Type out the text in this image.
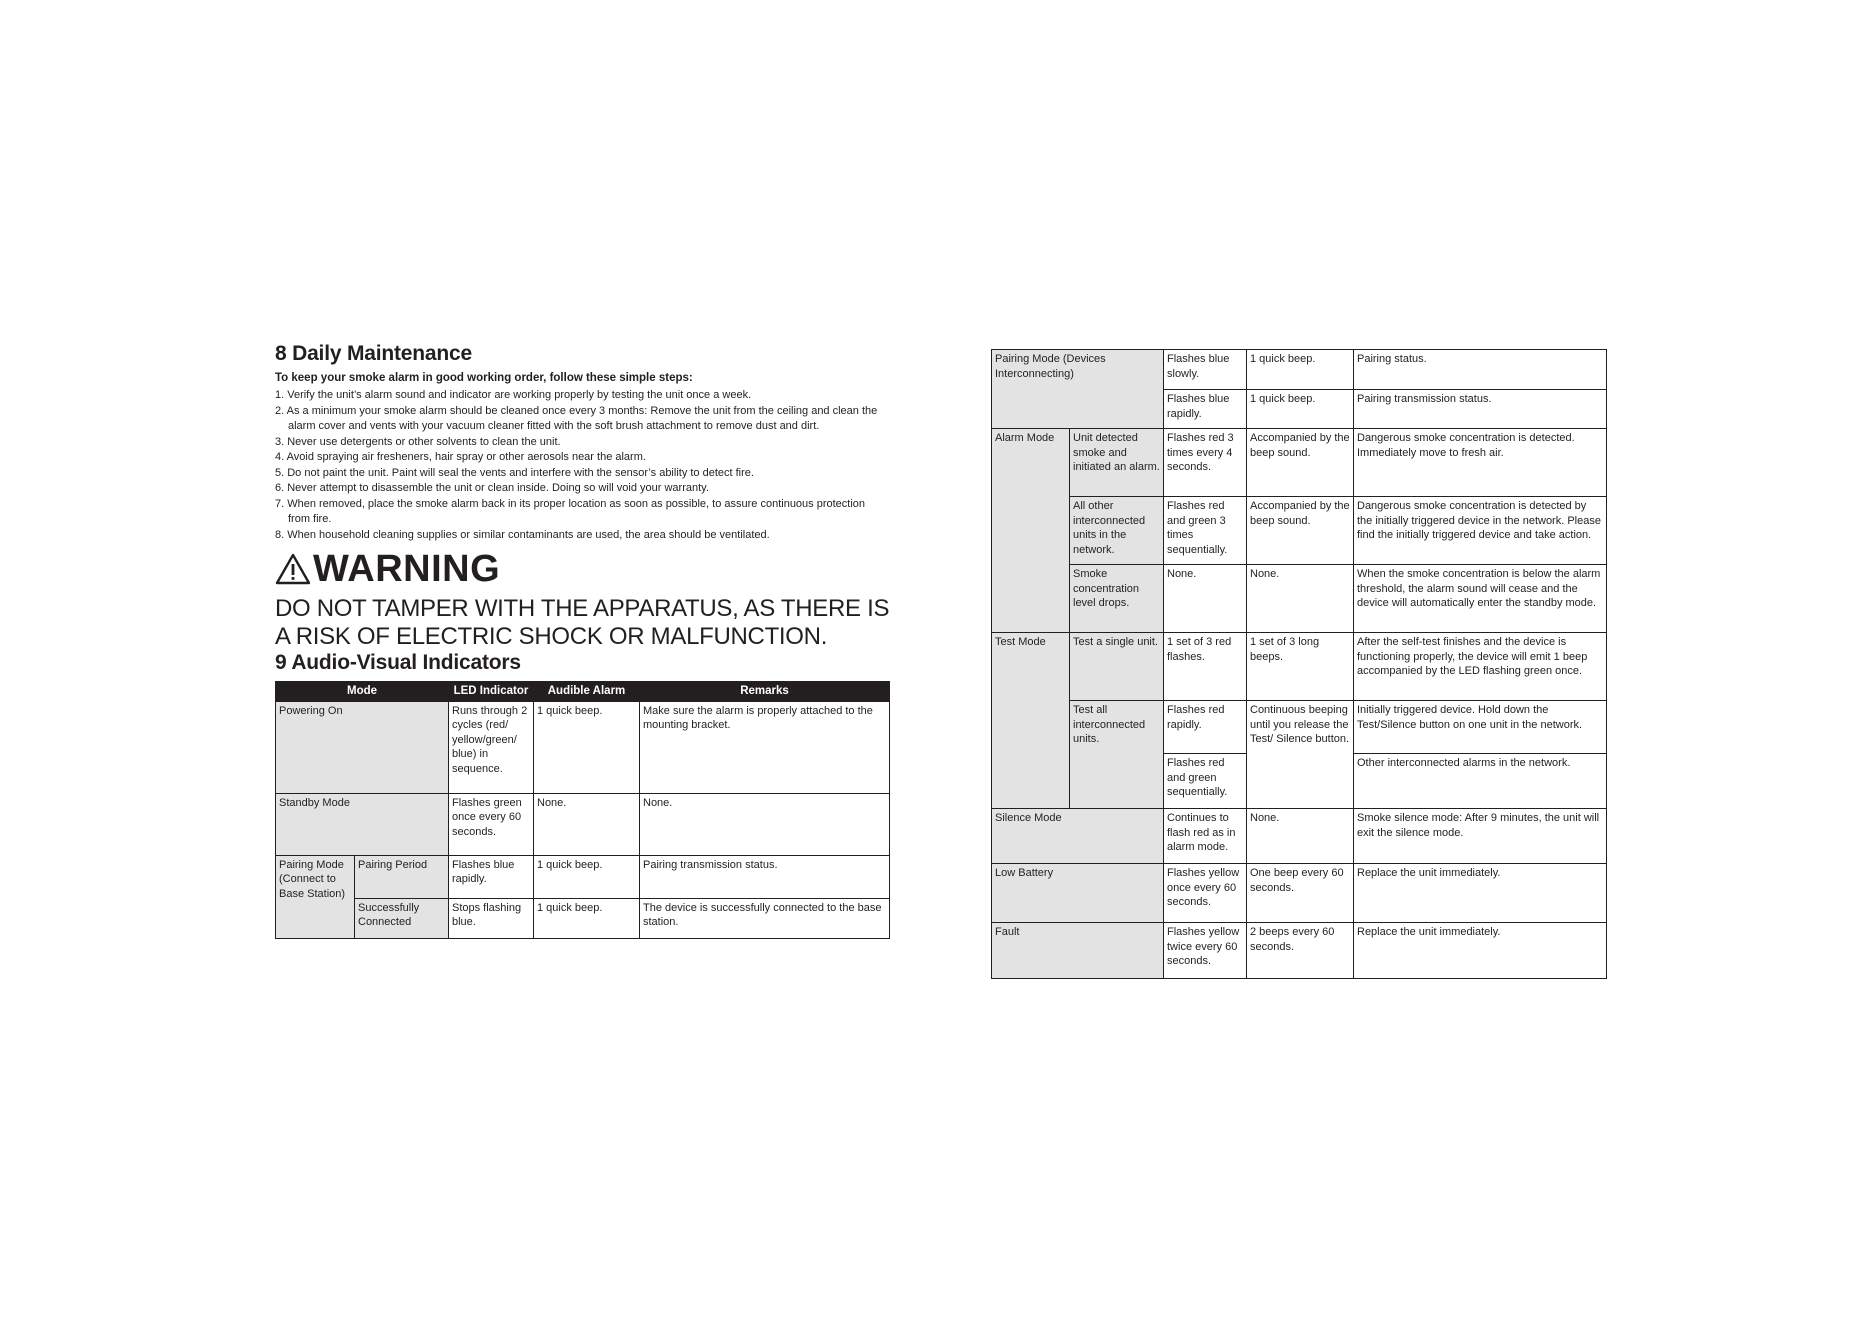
8 Daily Maintenance

To keep your smoke alarm in good working order, follow these simple steps:

1. Verify the unit’s alarm sound and indicator are working properly by testing the unit once a week.
2. As a minimum your smoke alarm should be cleaned once every 3 months: Remove the unit from the ceiling and clean the alarm cover and vents with your vacuum cleaner fitted with the soft brush attachment to remove dust and dirt.
3. Never use detergents or other solvents to clean the unit.
4. Avoid spraying air fresheners, hair spray or other aerosols near the alarm.
5. Do not paint the unit. Paint will seal the vents and interfere with the sensor’s ability to detect fire.
6. Never attempt to disassemble the unit or clean inside. Doing so will void your warranty.
7. When removed, place the smoke alarm back in its proper location as soon as possible, to assure continuous protection from fire.
8. When household cleaning supplies or similar contaminants are used, the area should be ventilated.
WARNING
DO NOT TAMPER WITH THE APPARATUS, AS THERE IS A RISK OF ELECTRIC SHOCK OR MALFUNCTION.
9 Audio-Visual Indicators
Mode		LED Indicator	Audible Alarm	Remarks
Powering On		Runs through 2 cycles (red/ yellow/green/ blue) in sequence.	1 quick beep.	Make sure the alarm is properly attached to the mounting bracket.
Standby Mode		Flashes green once every 60 seconds.	None.	None.
Pairing Mode (Connect to Base Station)	Pairing Period	Flashes blue rapidly.	1 quick beep.	Pairing transmission status.
	Successfully Connected	Stops flashing blue.	1 quick beep.	The device is successfully connected to the base station.
Pairing Mode (Devices Interconnecting)		Flashes blue slowly.	1 quick beep.	Pairing status.
		Flashes blue rapidly.	1 quick beep.	Pairing transmission status.
Alarm Mode	Unit detected smoke and initiated an alarm.	Flashes red 3 times every 4 seconds.	Accompanied by the beep sound.	Dangerous smoke concentration is detected. Immediately move to fresh air.
	All other interconnected units in the network.	Flashes red and green 3 times sequentially.	Accompanied by the beep sound.	Dangerous smoke concentration is detected by the initially triggered device in the network. Please find the initially triggered device and take action.
	Smoke concentration level drops.	None.	None.	When the smoke concentration is below the alarm threshold, the alarm sound will cease and the device will automatically enter the standby mode.
Test Mode	Test a single unit.	1 set of 3 red flashes.	1 set of 3 long beeps.	After the self-test finishes and the device is functioning properly, the device will emit 1 beep accompanied by the LED flashing green once.
	Test all interconnected units.	Flashes red rapidly.	Continuous beeping until you release the Test/ Silence button.	Initially triggered device. Hold down the Test/Silence button on one unit in the network.
		Flashes red and green sequentially.		Other interconnected alarms in the network.
Silence Mode		Continues to flash red as in alarm mode.	None.	Smoke silence mode: After 9 minutes, the unit will exit the silence mode.
Low Battery		Flashes yellow once every 60 seconds.	One beep every 60 seconds.	Replace the unit immediately.
Fault		Flashes yellow twice every 60 seconds.	2 beeps every 60 seconds.	Replace the unit immediately.
